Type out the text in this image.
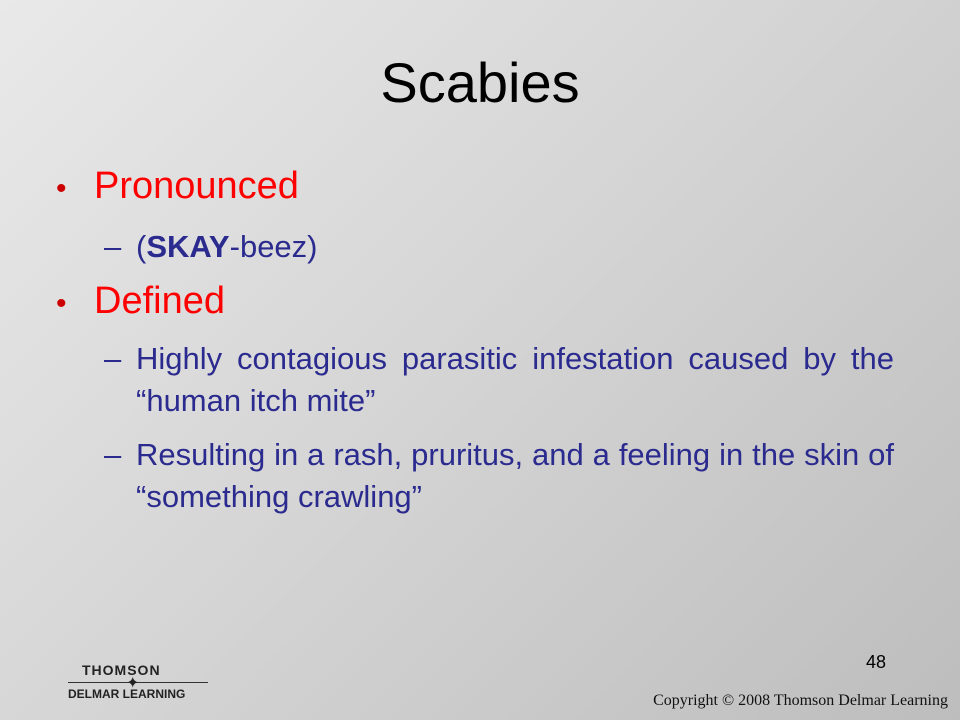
Scabies
• Pronounced
– (SKAY-beez)
• Defined
– Highly contagious parasitic infestation caused by the “human itch mite”
– Resulting in a rash, pruritus, and a feeling in the skin of “something crawling”
48
THOMSON
✦
DELMAR LEARNING	Copyright © 2008 Thomson Delmar Learning
